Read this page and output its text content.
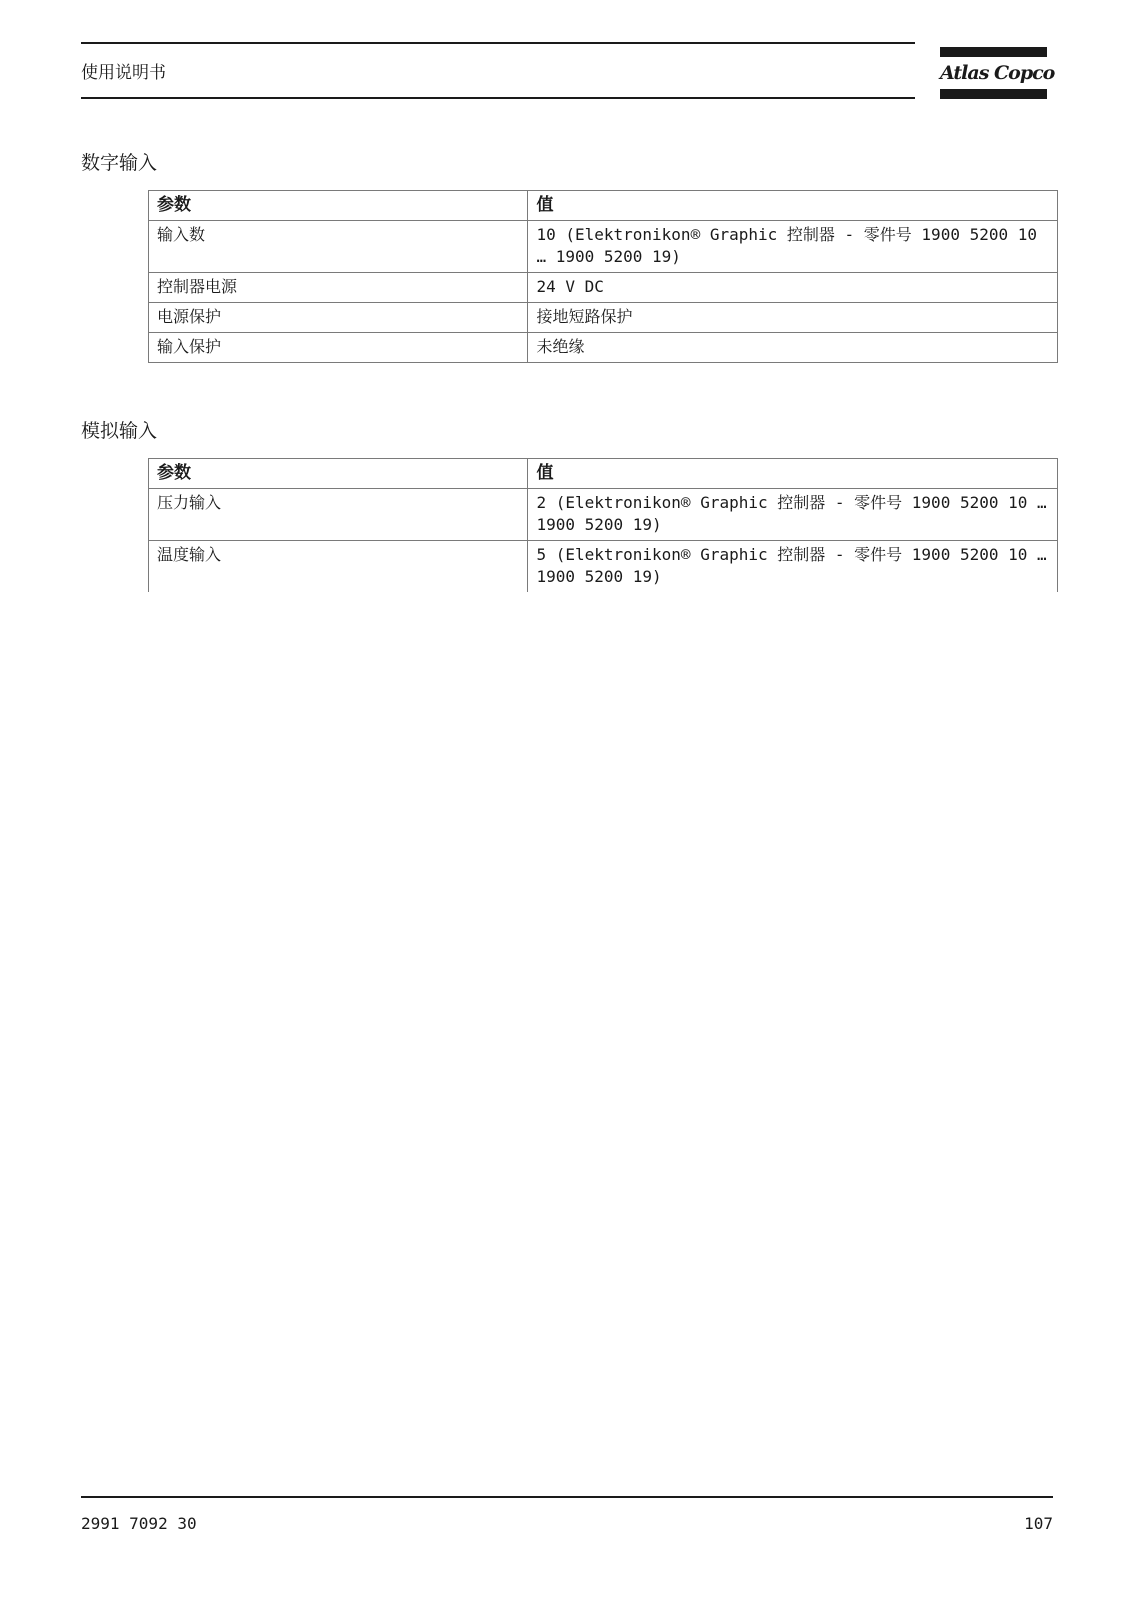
使用说明书	Atlas Copco
数字输入
参数	值
输入数	10 (Elektronikon® Graphic 控制器 - 零件号 1900 5200 10 … 1900 5200 19)
控制器电源	24 V DC
电源保护	接地短路保护
输入保护	未绝缘
模拟输入
参数	值
压力输入	2 (Elektronikon® Graphic 控制器 - 零件号 1900 5200 10 … 1900 5200 19)
温度输入	5 (Elektronikon® Graphic 控制器 - 零件号 1900 5200 10 … 1900 5200 19)
2991 7092 30	107
